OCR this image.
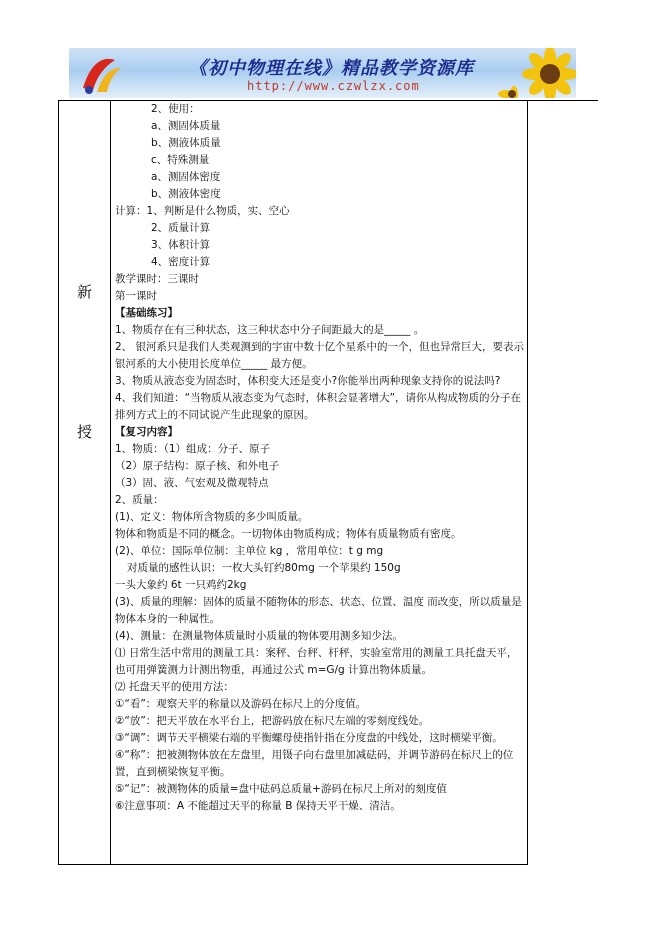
《初中物理在线》精品教学资源库
http://www.czwlzx.com
新
授
2、使用：
a、测固体质量
b、测液体质量
c、特殊测量
a、测固体密度
b、测液体密度
计算：1、判断是什么物质，实、空心
2、质量计算
3、体积计算
4、密度计算
教学课时：三课时
第一课时
【基础练习】
1、物质存在有三种状态，这三种状态中分子间距最大的是_____ 。
2、 银河系只是我们人类观测到的宇宙中数十亿个星系中的一个，但也异常巨大，要表示银河系的大小使用长度单位_____ 最方便。
3、物质从液态变为固态时，体积变大还是变小?你能举出两种现象支持你的说法吗?
4、我们知道：“当物质从液态变为气态时，体积会显著增大”，请你从构成物质的分子在排列方式上的不同试说产生此现象的原因。
【复习内容】
1、物质：（1）组成：分子、原子
（2）原子结构：原子核、和外电子
（3）固、液、气宏观及微观特点
2、质量：
(1)、定义：物体所含物质的多少叫质量。
物体和物质是不同的概念。一切物体由物质构成；物体有质量物质有密度。
(2)、单位：国际单位制：主单位 kg ，常用单位：t g mg
对质量的感性认识：一枚大头钉约80mg 一个苹果约 150g
一头大象约 6t 一只鸡约2kg
(3)、质量的理解：固体的质量不随物体的形态、状态、位置、温度 而改变，所以质量是物体本身的一种属性。
(4)、测量：在测量物体质量时小质量的物体要用测多知少法。
⑴ 日常生活中常用的测量工具：案秤、台秤、杆秤，实验室常用的测量工具托盘天平，也可用弹簧测力计测出物重，再通过公式 m=G/g 计算出物体质量。
⑵ 托盘天平的使用方法：
①“看”：观察天平的称量以及游码在标尺上的分度值。
②“放”：把天平放在水平台上，把游码放在标尺左端的零刻度线处。
③“调”：调节天平横梁右端的平衡螺母使指针指在分度盘的中线处，这时横梁平衡。
④“称”：把被测物体放在左盘里，用镊子向右盘里加减砝码，并调节游码在标尺上的位置，直到横梁恢复平衡。
⑤“记”：被测物体的质量=盘中砝码总质量+游码在标尺上所对的刻度值
⑥注意事项：A 不能超过天平的称量 B 保持天平干燥、清洁。
